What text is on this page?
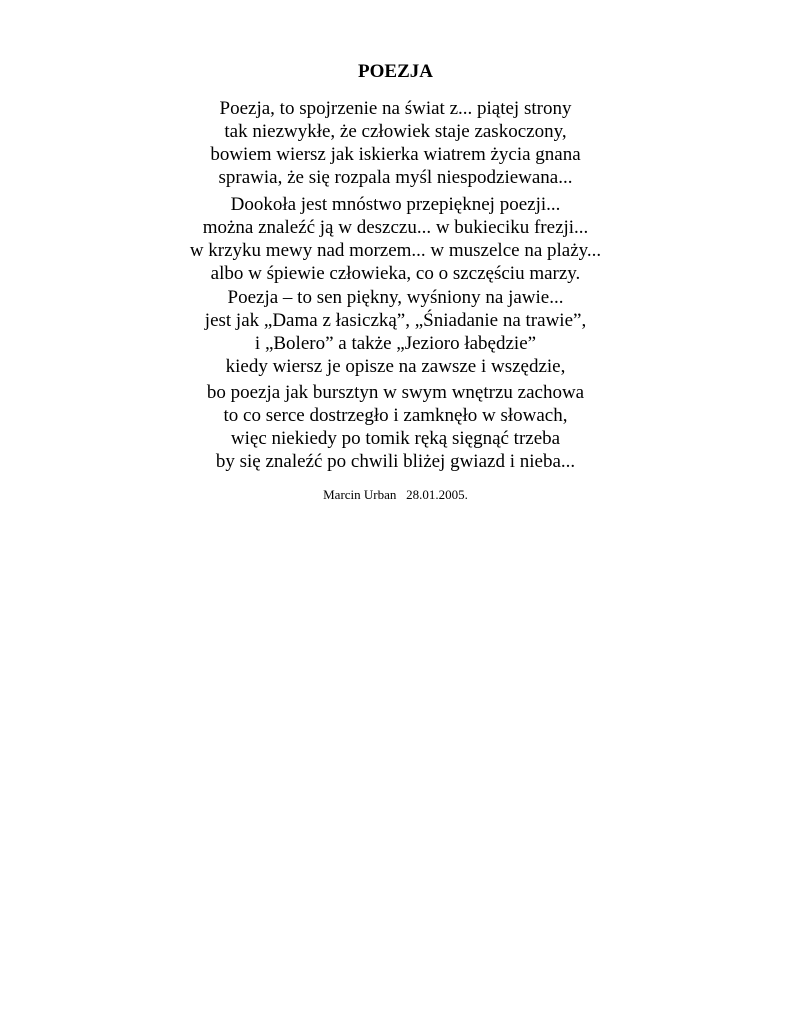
POEZJA
Poezja, to spojrzenie na świat z... piątej strony
tak niezwykłe, że człowiek staje zaskoczony,
bowiem wiersz jak iskierka wiatrem życia gnana
sprawia, że się rozpala myśl niespodziewana...
Dookoła jest mnóstwo przepięknej poezji...
można znaleźć ją w deszczu... w bukieciku frezji...
w krzyku mewy nad morzem... w muszelce na plaży...
albo w śpiewie człowieka, co o szczęściu marzy.
Poezja – to sen piękny, wyśniony na jawie...
jest jak „Dama z łasiczką”, „Śniadanie na trawie”,
i „Bolero” a także „Jezioro łabędzie”
kiedy wiersz je opisze na zawsze i wszędzie,
bo poezja jak bursztyn w swym wnętrzu zachowa
to co serce dostrzegło i zamknęło w słowach,
więc niekiedy po tomik ręką sięgnąć trzeba
by się znaleźć po chwili bliżej gwiazd i nieba...
Marcin Urban 28.01.2005.
